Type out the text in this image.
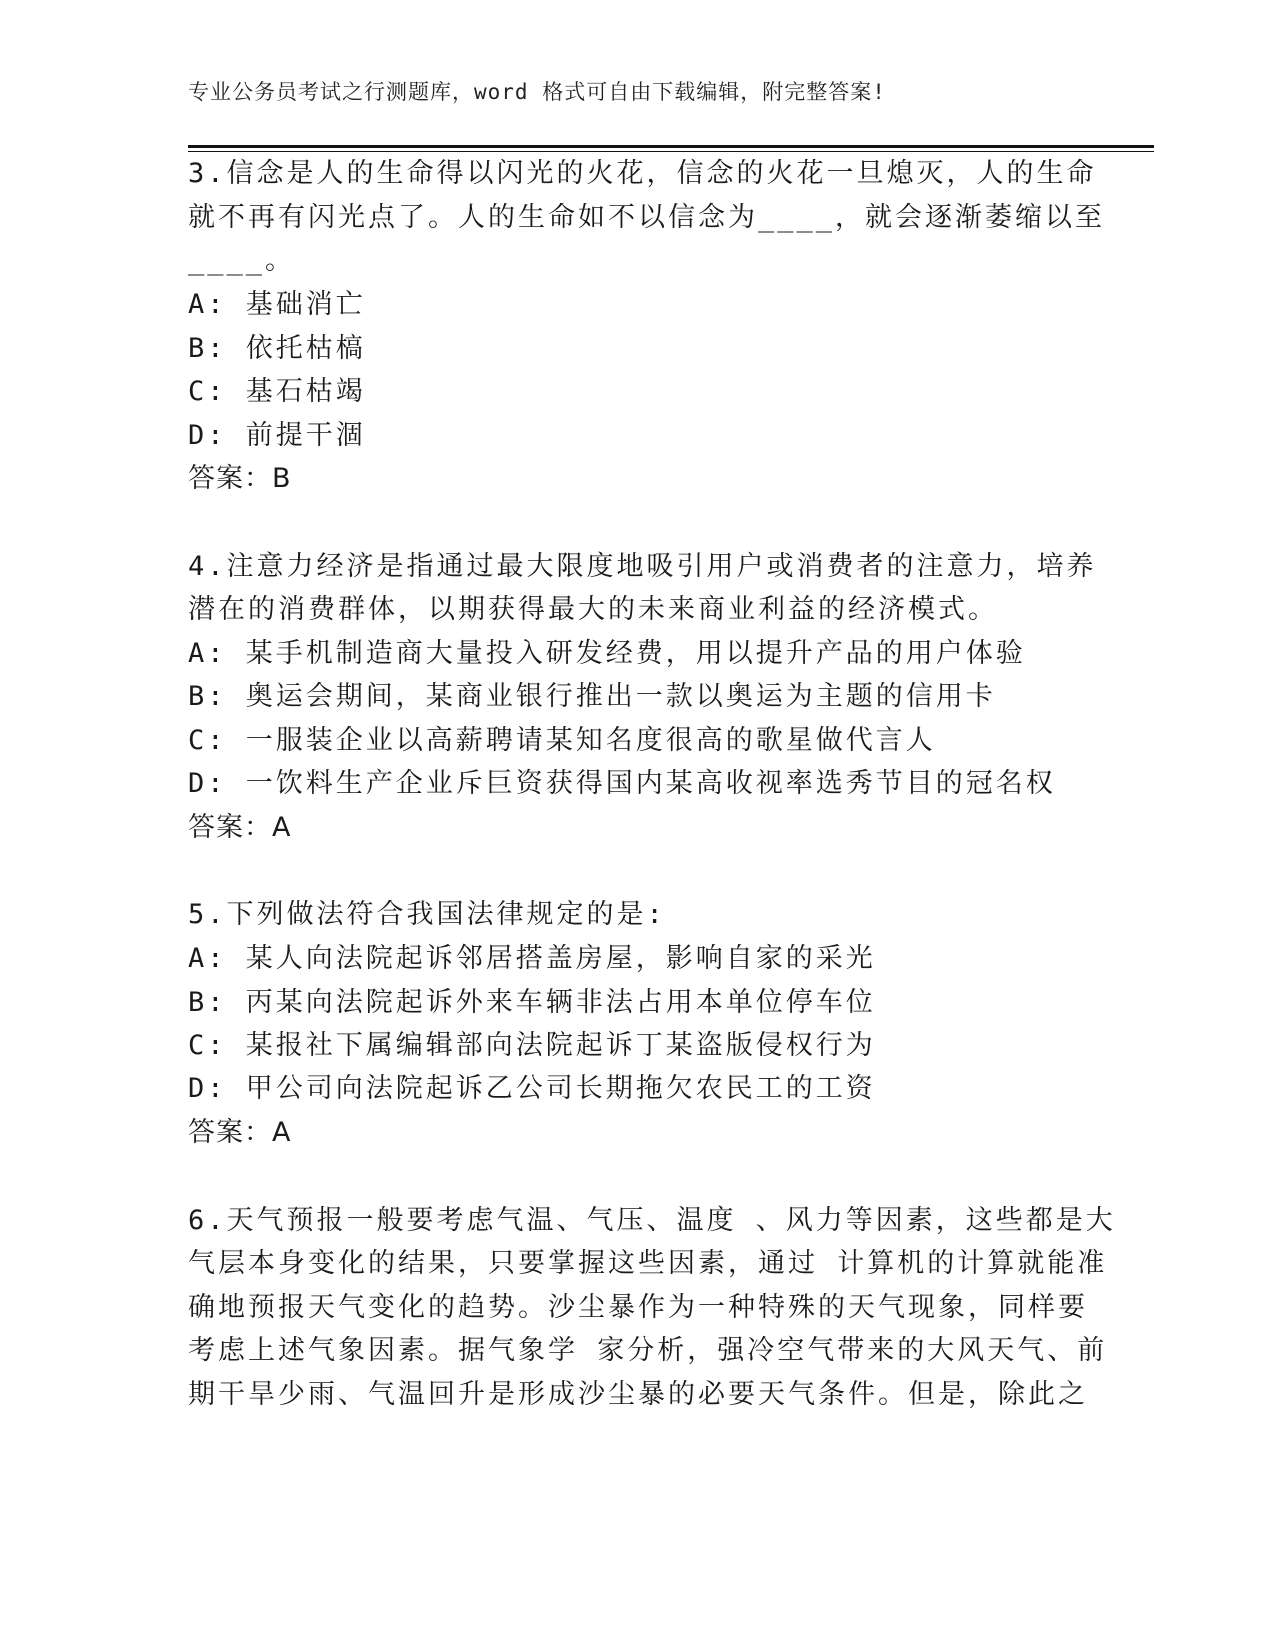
专业公务员考试之行测题库，word 格式可自由下载编辑，附完整答案!
3.信念是人的生命得以闪光的火花，信念的火花一旦熄灭，人的生命
就不再有闪光点了。人的生命如不以信念为____，就会逐渐萎缩以至
____。
A: 基础消亡
B: 依托枯槁
C: 基石枯竭
D: 前提干涸
答案：B
4.注意力经济是指通过最大限度地吸引用户或消费者的注意力，培养
潜在的消费群体，以期获得最大的未来商业利益的经济模式。
A: 某手机制造商大量投入研发经费，用以提升产品的用户体验
B: 奥运会期间，某商业银行推出一款以奥运为主题的信用卡
C: 一服装企业以高薪聘请某知名度很高的歌星做代言人
D: 一饮料生产企业斥巨资获得国内某高收视率选秀节目的冠名权
答案：A
5.下列做法符合我国法律规定的是:
A: 某人向法院起诉邻居搭盖房屋，影响自家的采光
B: 丙某向法院起诉外来车辆非法占用本单位停车位
C: 某报社下属编辑部向法院起诉丁某盗版侵权行为
D: 甲公司向法院起诉乙公司长期拖欠农民工的工资
答案：A
6.天气预报一般要考虑气温、气压、温度 、风力等因素，这些都是大
气层本身变化的结果，只要掌握这些因素，通过 计算机的计算就能准
确地预报天气变化的趋势。沙尘暴作为一种特殊的天气现象，同样要
考虑上述气象因素。据气象学 家分析，强冷空气带来的大风天气、前
期干旱少雨、气温回升是形成沙尘暴的必要天气条件。但是，除此之
